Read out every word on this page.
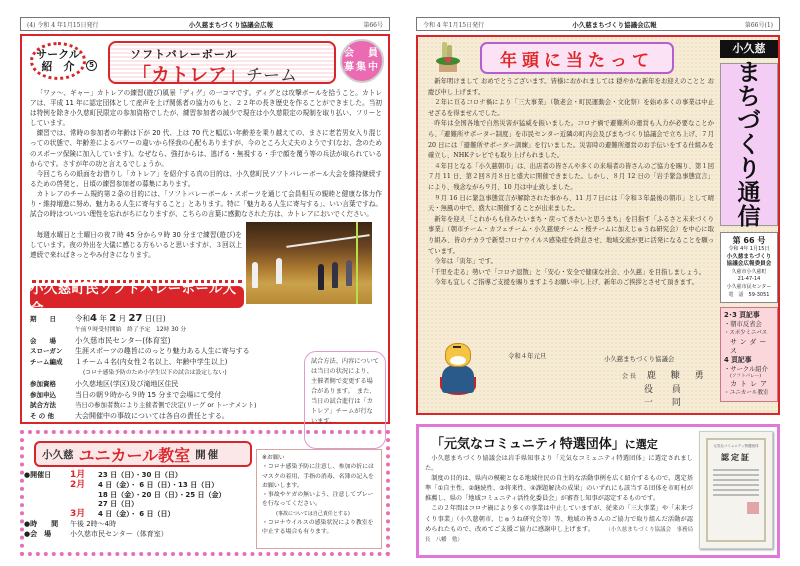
(4) 令和 4 年1月15日発行	小久慈まちづくり協議会広報	第66号
サークル
紹　介	5
ソフトバレーボール
「カトレア」チーム
会　員
募集中

「ワァ～、ギャー」カトレアの練習(遊び)風景「ディグ」の一コマです。ディグとは攻撃ボールを拾うこと。カトレアは、平成 11 年に認定団体として産声を上げ関係者の協力のもと、２２年の長き歴史を作ることができました。当初は特例を除き小久慈町民限定の参加資格でしたが、練習参加者の減少で現在は小久慈限定の規制を取り払い、フリーとしています。

練習では、常時の参加者の年齢は下が 20 代、上は 70 代と幅広い年齢差を乗り越えての、まさに老若男女入り混じっての状態で、年齢差によるパワーの違いから怪我の心配もありますが、今のところ大丈夫のようです(なお、念のためのスポーツ保険に加入しています)。なぜなら、強打からは、逃げる・無視する・手で顔を覆う等の兵法が取られているからです。さすが年の功と言えるでしょうか。

今回こちらの紙面をお借りし「カトレア」を紹介する真の目的は、小久慈町民ソフトバレーボール大会を維持継続するための啓発と、日頃の練習参加者の募集にあります。

カトレアのチーム規約第２条の目的には、「ソフトバレーボール・スポーツを通じて会員相互の親睦と健康な体力作り・維持増進に努め、魅力ある人生に寄与すること」とあります。特に「魅力ある人生に寄与する」、いい言葉ですね。試合の時はついつい理性を忘れがちになりますが、こちらの言葉に感動なされた方は、カトレアにおいでください。

毎週水曜日と土曜日の夜７時 45 分から９時 30 分まで練習(遊び)をしています。夜の外出を大儀に感じる方もいると思いますが、３回以上連続で来ればきっとやみ付きになります。

小久慈町民ソフトバレーボール大会
期　　日	令和4 年 2 月 27 日(日)
午前９時受付開始　終了予定　12時 30 分
会　　場	小久慈市民センター(体育室)
スローガン	生涯スポーツの趣旨にのっとり魅力ある人生に寄与する
チーム編成	１チーム４名(内女性２名以上、年齢中学生以上)
(コロナ感染予防のため小学生以下の試合は設定しない)
参加資格	小久慈地区(学区)及び滝地区住民
参加申込	当日の朝９時から９時 15 分まで会場にて受付
試合方法	当日の参加者数により主催者側で決定(リーグ or トーナメント)
そ の 他	大会開催中の事故については各自の責任とする。
試合方法、内容については当日の状況により、主催者側で変更する場合があります。　また、当日の試合進行は「カトレア」チームが行ないます。
小久慈 ユニカール教室 開催
●開催日	1月	23 日（日）・30 日（日）
2月	4 日（金）・ 6 日（日）・13 日（日）
18 日（金）・20 日（日）・25 日（金）
27 日（日）
3月	4 日（金）・ 6 日（日）
●時　　間	午後 2時～4時
●会　場	小久慈市民センター（体育室）
※お願い
・コロナ感染予防に注意し、参加の折にはマスクの着用、手指の消毒、名簿の記入をお願いします。
・事故やケガの無いよう、注意してプレーを行なってください。
(事故については自己責任とする)
・コロナウイルスの感染状況により教室を中止する場合も有ります。
令和 4 年1月15日発行	小久慈まちづくり協議会広報	第66号(1)
年頭に当たって

新年明けまして おめでとうございます。皆様におかれましては 穏やかな新年をお迎えのことと お慶び申し上げます。

２年に亘るコロナ禍により「三大事業」（敬老会・町民運動会・文化祭）を始め多くの事業は中止せざるを得ませんでした。

昨年は全国各地で自然災害が猛威を振いました。コロナ禍で避難所の運営も人力が必要なことから、「避難所サポーター制度」を市民センター近隣の町内会及びまちづくり協議会で立ち上げ、７月 20 日には「避難所サポーター訓練」を行いました。災害時の避難所運営のお手伝いをする仕組みを確立し、NHKテレビでも取り上げられました。

４年目となる「小久慈朝市」は、出店者の皆さんや多くの来場者の皆さんのご協力を賜り、第１回７月 11 日、第２回８月８日と盛大に開催できました。しかし、８月 12 日の「岩手緊急事態宣言」により、残念ながら９月、10 月は中止致しました。

９月 16 日に緊急事態宣言が解除された事から、11 月７日には「令和３年最後の朝市」として晴天・無風の中で、盛大に開催することが出来ました。

新年を迎え「これからも住みたいまち・戻ってきたいと思うまち」を目指す「ふるさと未来づくり事業」（朝市チーム・カフェチーム・小久慈焼チーム・桜チームに加えじゅうね研究会）を中心に取り組み、皆のチカラで新型コロナウイルス感染症を終息させ、地域交流が更に活発になることを願っています。

今年は「寅年」です。

「千里を走る」勢いで「コロナ退散」と「安心・安全で健康な社会、小久慈」を目指しましょう。

今年も宜しくご指導ご支援を賜りますようお願い申し上げ、新年のご挨拶とさせて頂きます。

令和４年元旦	小久慈まちづくり協議会
会長 鹿 糠 勇
役 員 一 同
小久慈
ま
ち
づ
く
り
通
信
第 66 号
令和 4年 1月15日
小久慈まちづくり
協議会広報委員会
久慈市小久慈町
21-47-14
小久慈市民センター
電　話　59-3051
2･3 頁記事
・朝市反省会
・スポ少ミニバス
サンダース
4 頁記事
・サークル紹介
(ソフトバレー)
カトレア
・ユニカール教室
「元気なコミュニティ特選団体」に選定

小久慈まちづくり協議会は岩手県知事より「元気なコミュニティ特選団体」に選定されました。

制度の目的は、県内の模範となる地域住民の自主的な活動事例を広く紹介するもので、選定基準「①自主性、②継続性、③将来性、④課題解決の成果」のいずれにも該当する団体を市町村が推薦し、県の「地域コミュニティ活性化委員会」が審査し知事が認定するものです。

この２年間はコロナ禍により多くの事業は中止していますが、従来の「三大事業」や「未来づくり事業」（小久慈朝市、じゅうね研究会等）等、地域の皆さんのご協力で取り組んだ活動が認められたもので、改めてご支援ご協力に感謝申し上げます。	（小久慈まちづくり協議会　事務局長　八幡　勉）

元気なコミュニティ特選団体
認定証
